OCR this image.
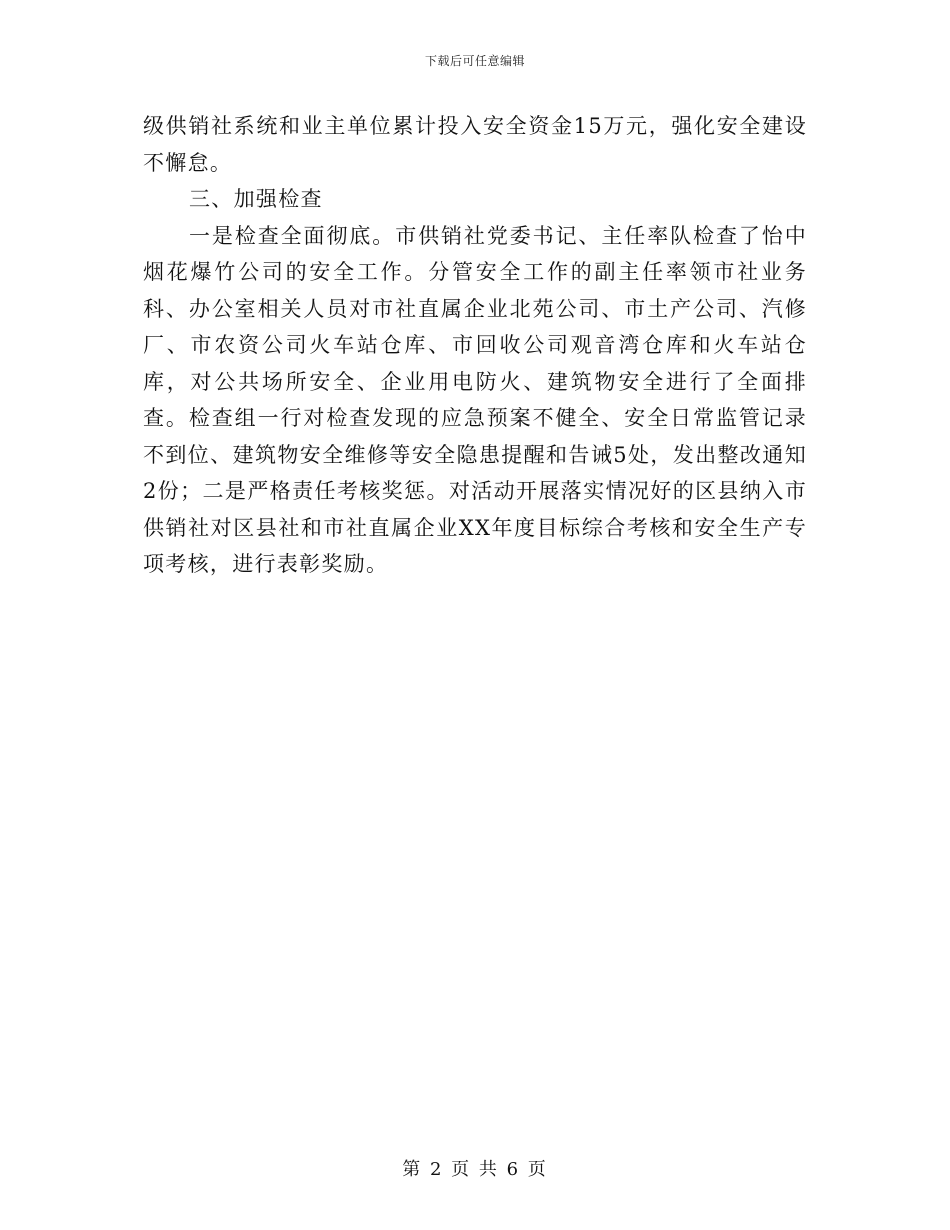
下载后可任意编辑

级供销社系统和业主单位累计投入安全资金15万元，强化安全建设不懈怠。

三、加强检查

一是检查全面彻底。市供销社党委书记、主任率队检查了怡中烟花爆竹公司的安全工作。分管安全工作的副主任率领市社业务科、办公室相关人员对市社直属企业北苑公司、市土产公司、汽修厂、市农资公司火车站仓库、市回收公司观音湾仓库和火车站仓库，对公共场所安全、企业用电防火、建筑物安全进行了全面排查。检查组一行对检查发现的应急预案不健全、安全日常监管记录不到位、建筑物安全维修等安全隐患提醒和告诫5处，发出整改通知2份；二是严格责任考核奖惩。对活动开展落实情况好的区县纳入市供销社对区县社和市社直属企业XX年度目标综合考核和安全生产专项考核，进行表彰奖励。

第 2 页 共 6 页
